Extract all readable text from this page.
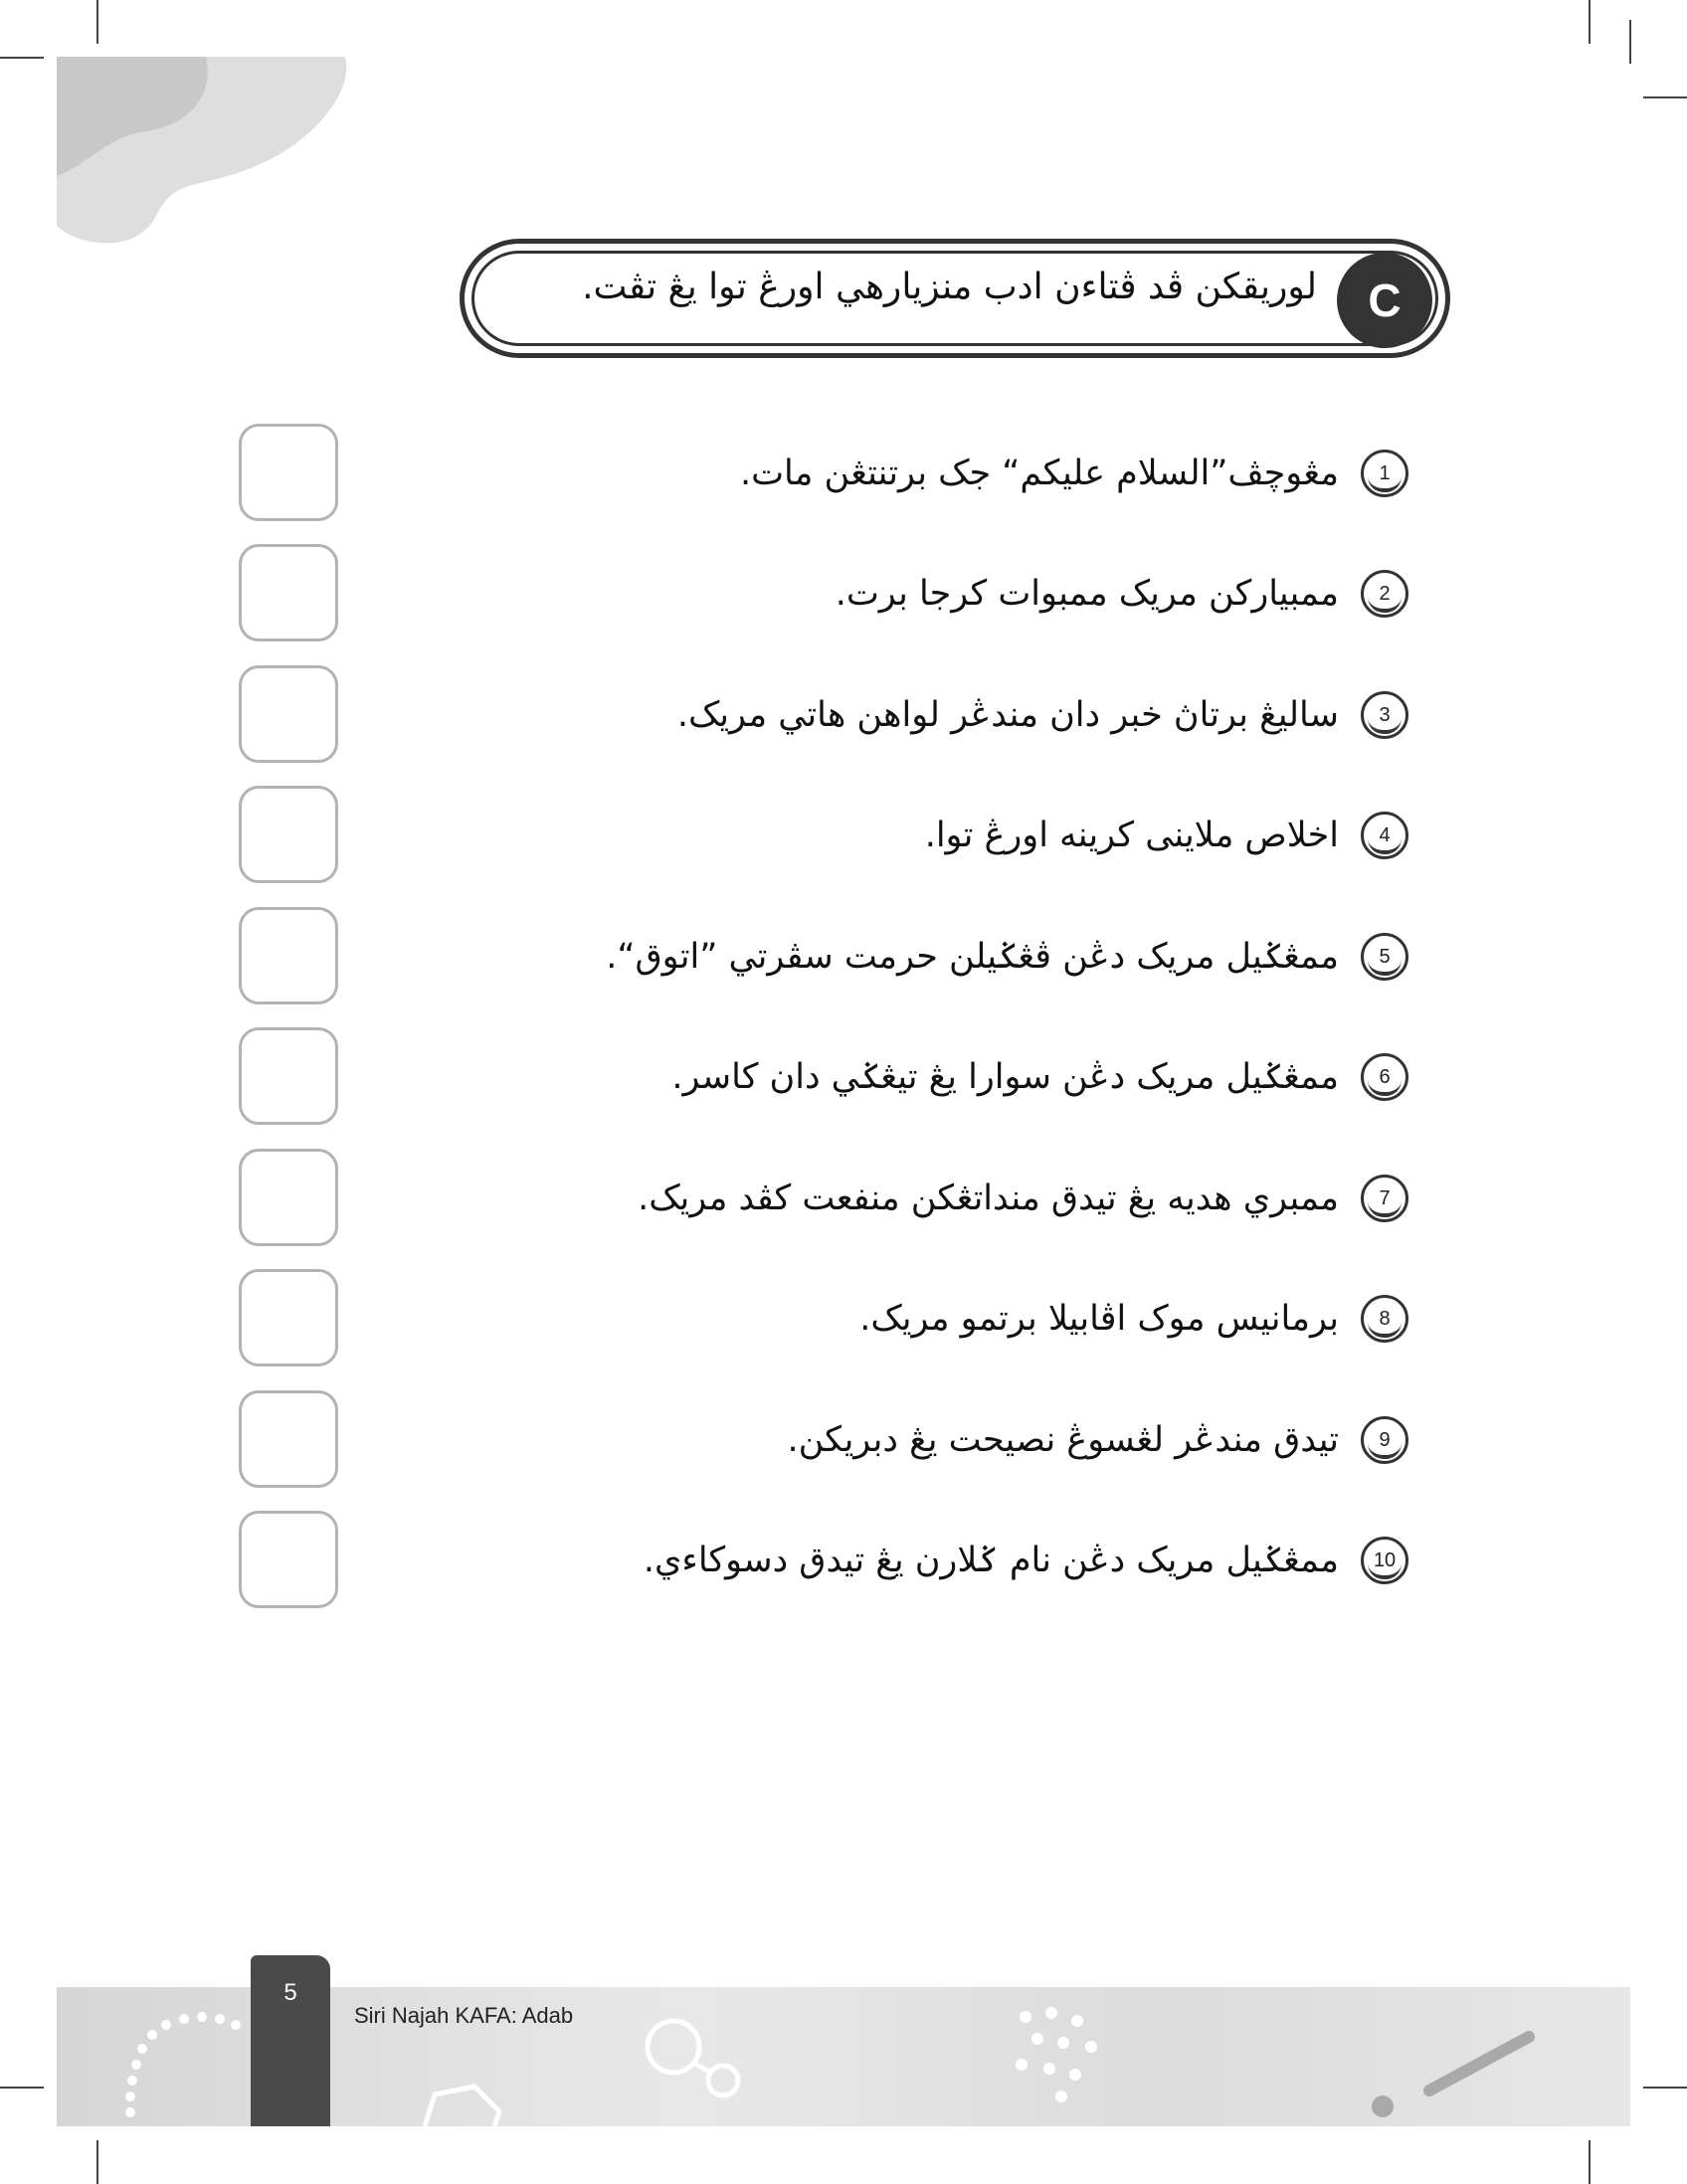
C
لوريقكن ڤد ڤتاءن ادب منزيارهي اورڠ توا يڠ تڤت.
1
مڠوچڤ”السلام عليكم“ جک برتنتڠن مات.
2
ممبيارکن مريک ممبوات کرجا برت.
3
ساليڠ برتاڽ خبر دان مندڠر لواهن هاتي مريک.
4
اخلاص ملاينى كرينه اورڠ توا.
5
ممڠݢيل مريک دڠن ڤڠݢيلن حرمت سڤرتي ”اتوق“.
6
ممڠݢيل مريک دڠن سوارا يڠ تيڠݢي دان کاسر.
7
ممبري هديه يڠ تيدق منداتڠکن منفعت کڤد مريک.
8
برمانيس موک اڤابيلا برتمو مريک.
9
تيدق مندڠر لڠسوڠ نصيحت يڠ دبريکن.
10
ممڠݢيل مريک دڠن نام ݢلارن يڠ تيدق دسوکاءي.
5
Siri Najah KAFA: Adab
